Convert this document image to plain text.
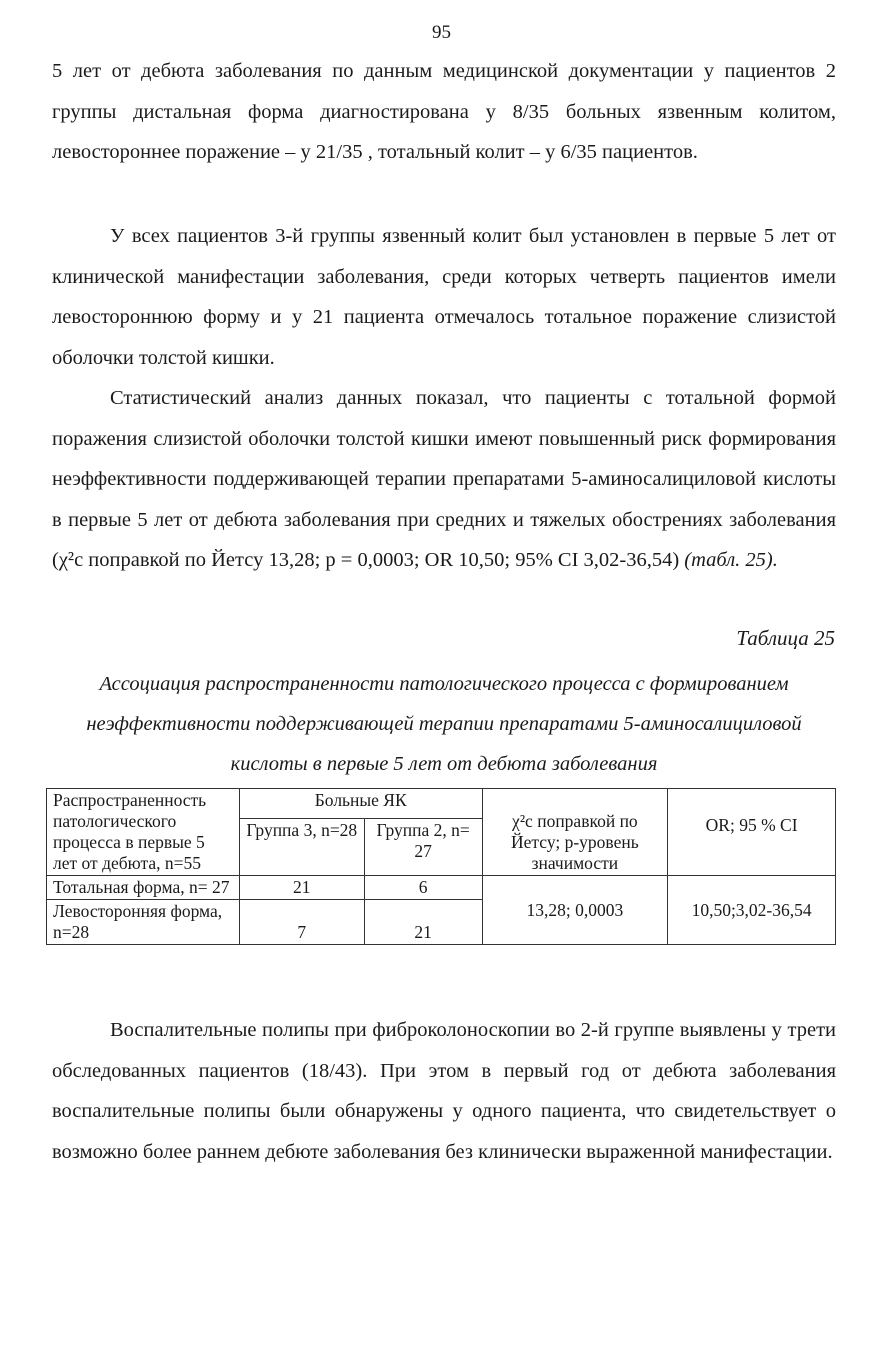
95

5 лет от дебюта заболевания по данным медицинской документации у пациентов 2 группы дистальная форма диагностирована у 8/35 больных язвенным колитом, левостороннее поражение – у 21/35 , тотальный колит – у 6/35 пациентов.

У всех пациентов 3-й группы язвенный колит был установлен в первые 5 лет от клинической манифестации заболевания, среди которых четверть пациентов имели левостороннюю форму и у 21 пациента отмечалось тотальное поражение слизистой оболочки толстой кишки.

Статистический анализ данных показал, что пациенты с тотальной формой поражения слизистой оболочки толстой кишки имеют повышенный риск формирования неэффективности поддерживающей терапии препаратами 5-аминосалициловой кислоты в первые 5 лет от дебюта заболевания при средних и тяжелых обострениях заболевания (χ²с поправкой по Йетсу 13,28; р = 0,0003; OR 10,50; 95% CI 3,02-36,54) (табл. 25).

Таблица 25
Ассоциация распространенности патологического процесса с формированием неэффективности поддерживающей терапии препаратами 5-аминосалициловой кислоты в первые 5 лет от дебюта заболевания
Распространенность патологического процесса в первые 5 лет от дебюта, n=55	Больные ЯК		χ²с поправкой по Йетсу; р-уровень значимости	OR; 95 % CI
	Группа 3, n=28	Группа 2, n= 27		
Тотальная форма, n= 27	21	6	13,28; 0,0003	10,50;3,02-36,54
Левосторонняя форма, n=28	7	21		

Воспалительные полипы при фиброколоноскопии во 2-й группе выявлены у трети обследованных пациентов (18/43). При этом в первый год от дебюта заболевания воспалительные полипы были обнаружены у одного пациента, что свидетельствует о возможно более раннем дебюте заболевания без клинически выраженной манифестации.
